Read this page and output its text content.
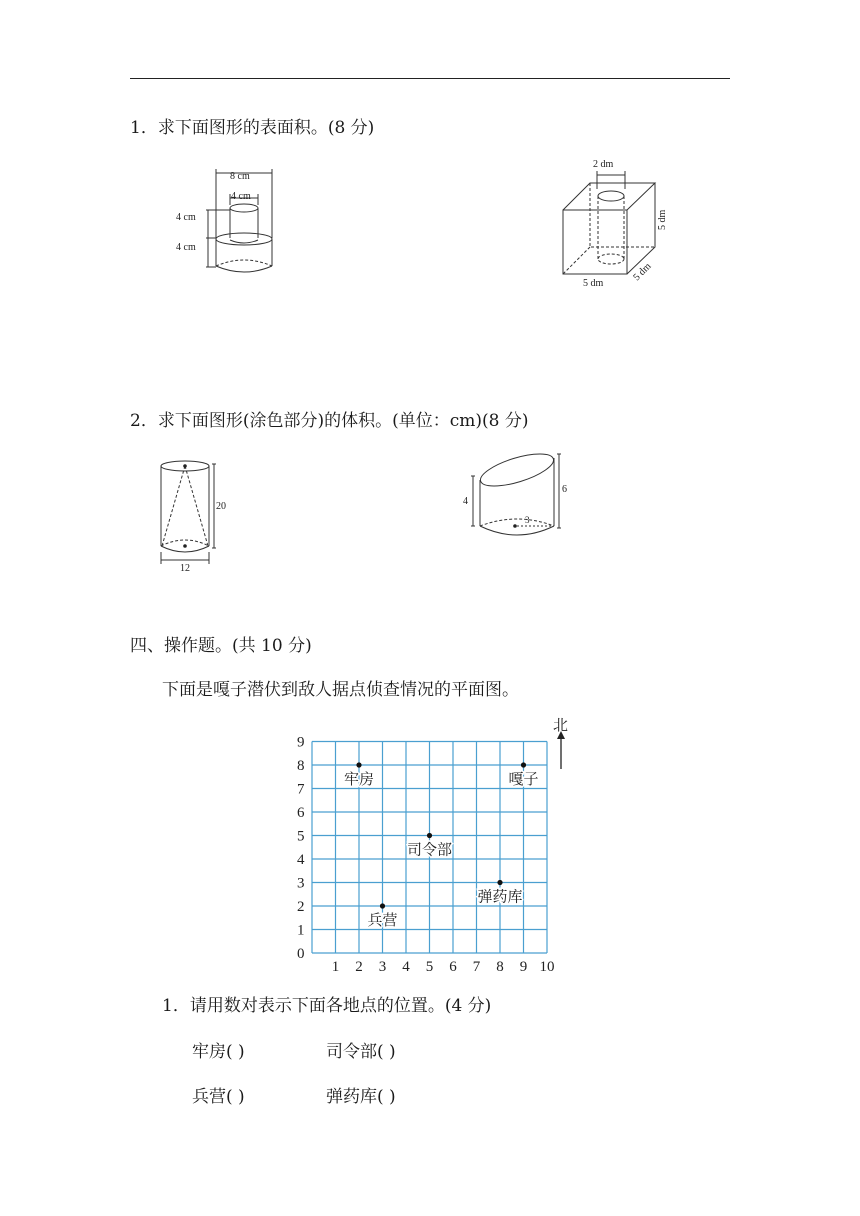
1．求下面图形的表面积。(8 分)
8 cm
4 cm
4 cm
4 cm
2 dm
5 dm
5 dm
5 dm
2．求下面图形(涂色部分)的体积。(单位：cm)(8 分)
20
12
4
6
3
四、操作题。(共 10 分)
下面是嘎子潜伏到敌人据点侦查情况的平面图。
0
1
2
3
4
5
6
7
8
9
1 2 3 4 5 6 7 8 9 10
牢房	嘎子
司令部
弹药库
兵营
北
1．请用数对表示下面各地点的位置。(4 分)
牢房( )	司令部( )
兵营( )	弹药库( )
